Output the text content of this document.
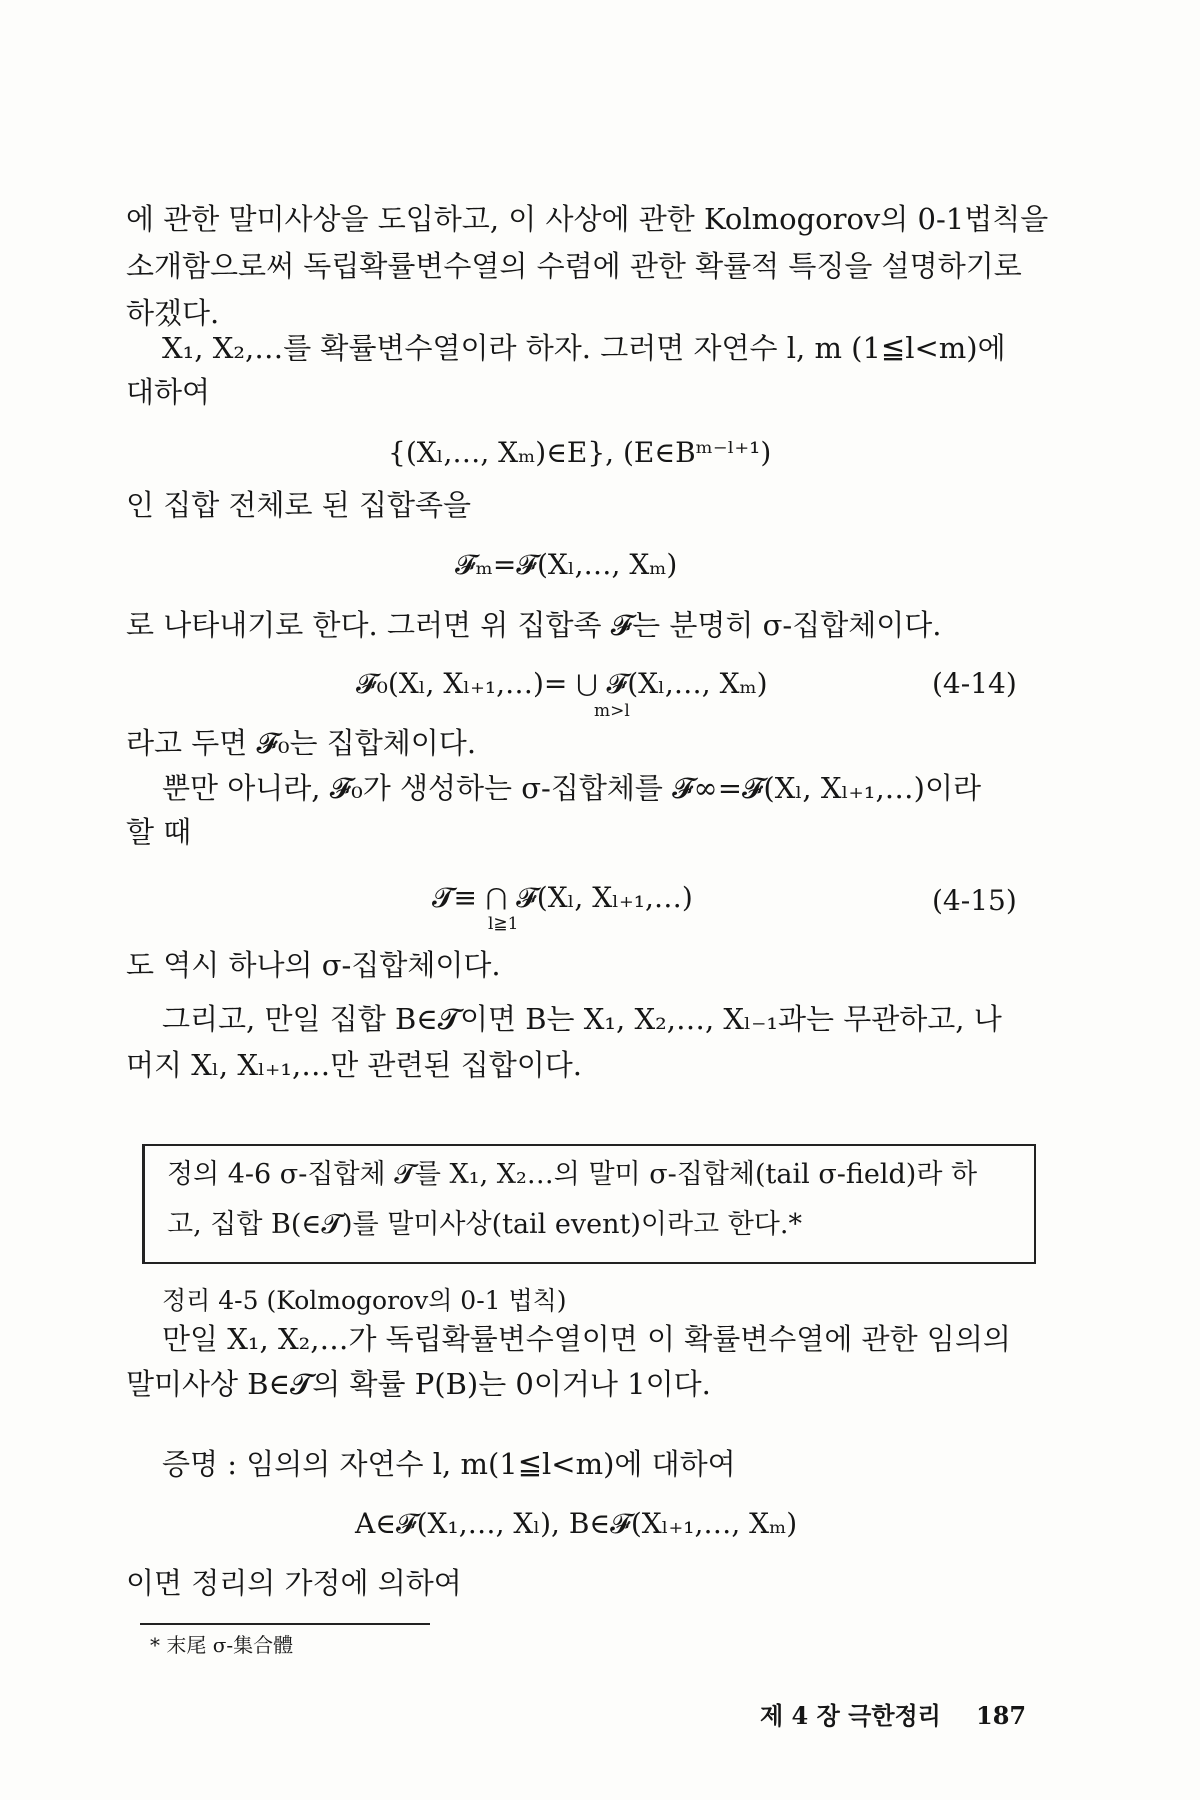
에 관한 말미사상을 도입하고, 이 사상에 관한 Kolmogorov의 0-1법칙을
소개함으로써 독립확률변수열의 수렴에 관한 확률적 특징을 설명하기로
하겠다.
X₁, X₂,…를 확률변수열이라 하자. 그러면 자연수 l, m (1≦l<m)에
대하여
{(Xₗ,…, Xₘ)∈E}, (E∈Bᵐ⁻ˡ⁺¹)
인 집합 전체로 된 집합족을
𝓕ₘ=𝓕(Xₗ,…, Xₘ)
로 나타내기로 한다. 그러면 위 집합족 𝓕는 분명히 σ-집합체이다.
𝓕₀(Xₗ, Xₗ₊₁,…)= ⋃ 𝓕(Xₗ,…, Xₘ)
m>l
(4-14)
라고 두면 𝓕₀는 집합체이다.
뿐만 아니라, 𝓕₀가 생성하는 σ-집합체를 𝓕∞=𝓕(Xₗ, Xₗ₊₁,…)이라
할 때
𝓣≡ ⋂ 𝓕(Xₗ, Xₗ₊₁,…)
l≧1
(4-15)
도 역시 하나의 σ-집합체이다.
그리고, 만일 집합 B∈𝓣이면 B는 X₁, X₂,…, Xₗ₋₁과는 무관하고, 나
머지 Xₗ, Xₗ₊₁,…만 관련된 집합이다.
정의 4-6 σ-집합체 𝓣를 X₁, X₂…의 말미 σ-집합체(tail σ-field)라 하
고, 집합 B(∈𝓣)를 말미사상(tail event)이라고 한다.*
정리 4-5 (Kolmogorov의 0-1 법칙)
만일 X₁, X₂,…가 독립확률변수열이면 이 확률변수열에 관한 임의의
말미사상 B∈𝓣의 확률 P(B)는 0이거나 1이다.
증명 : 임의의 자연수 l, m(1≦l<m)에 대하여
A∈𝓕(X₁,…, Xₗ), B∈𝓕(Xₗ₊₁,…, Xₘ)
이면 정리의 가정에 의하여
* 末尾 σ-集合體
제 4 장 극한정리 187
